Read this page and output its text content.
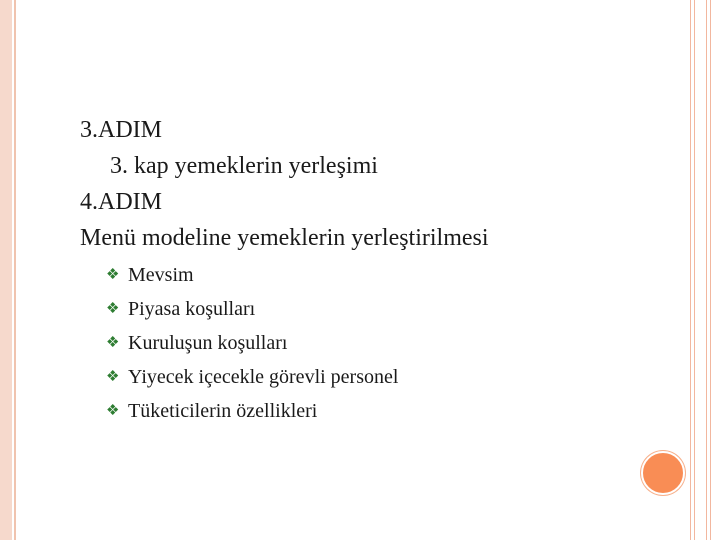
3.ADIM
3. kap yemeklerin yerleşimi
4.ADIM
Menü modeline yemeklerin yerleştirilmesi
❖ Mevsim
❖ Piyasa koşulları
❖ Kuruluşun koşulları
❖ Yiyecek içecekle görevli personel
❖ Tüketicilerin özellikleri
